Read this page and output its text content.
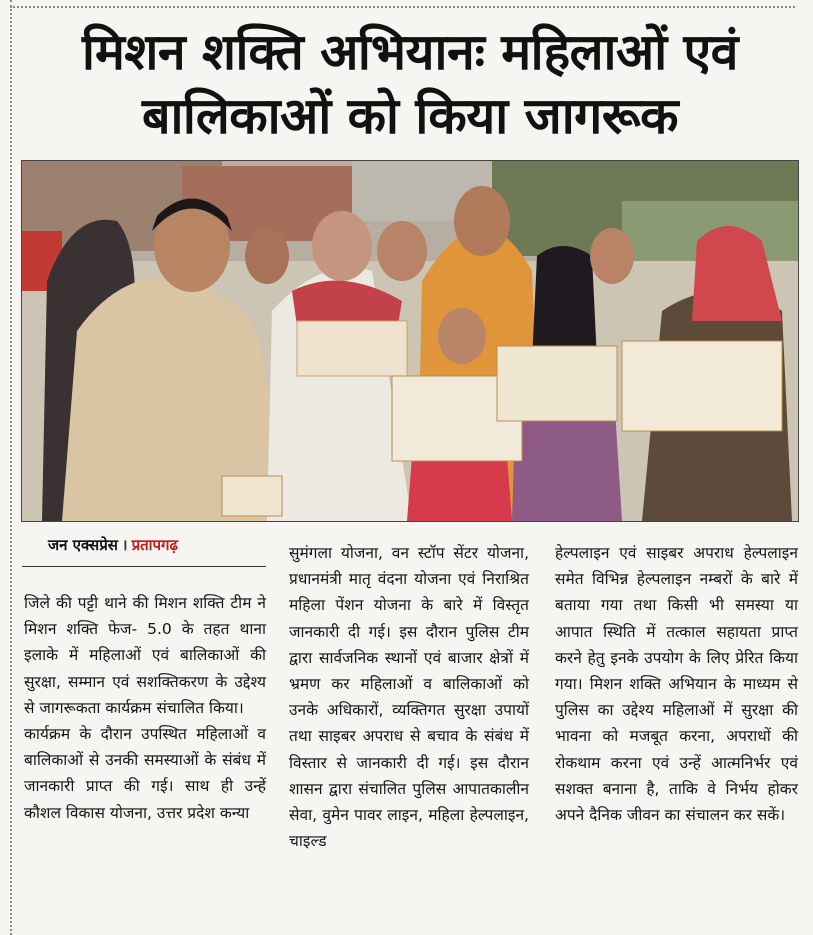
मिशन शक्ति अभियानः महिलाओं एवं
बालिकाओं को किया जागरूक
जन एक्सप्रेस । प्रतापगढ़

जिले की पट्टी थाने की मिशन शक्ति टीम ने मिशन शक्ति फेज- 5.0 के तहत थाना इलाके में महिलाओं एवं बालिकाओं की सुरक्षा, सम्मान एवं सशक्तिकरण के उद्देश्य से जागरूकता कार्यक्रम संचालित किया।

कार्यक्रम के दौरान उपस्थित महिलाओं व बालिकाओं से उनकी समस्याओं के संबंध में जानकारी प्राप्त की गई। साथ ही उन्हें कौशल विकास योजना, उत्तर प्रदेश कन्या

सुमंगला योजना, वन स्टॉप सेंटर योजना, प्रधानमंत्री मातृ वंदना योजना एवं निराश्रित महिला पेंशन योजना के बारे में विस्तृत जानकारी दी गई। इस दौरान पुलिस टीम द्वारा सार्वजनिक स्थानों एवं बाजार क्षेत्रों में भ्रमण कर महिलाओं व बालिकाओं को उनके अधिकारों, व्यक्तिगत सुरक्षा उपायों तथा साइबर अपराध से बचाव के संबंध में विस्तार से जानकारी दी गई। इस दौरान शासन द्वारा संचालित पुलिस आपातकालीन सेवा, वुमेन पावर लाइन, महिला हेल्पलाइन, चाइल्ड

हेल्पलाइन एवं साइबर अपराध हेल्पलाइन समेत विभिन्न हेल्पलाइन नम्बरों के बारे में बताया गया तथा किसी भी समस्या या आपात स्थिति में तत्काल सहायता प्राप्त करने हेतु इनके उपयोग के लिए प्रेरित किया गया। मिशन शक्ति अभियान के माध्यम से पुलिस का उद्देश्य महिलाओं में सुरक्षा की भावना को मजबूत करना, अपराधों की रोकथाम करना एवं उन्हें आत्मनिर्भर एवं सशक्त बनाना है, ताकि वे निर्भय होकर अपने दैनिक जीवन का संचालन कर सकें।
